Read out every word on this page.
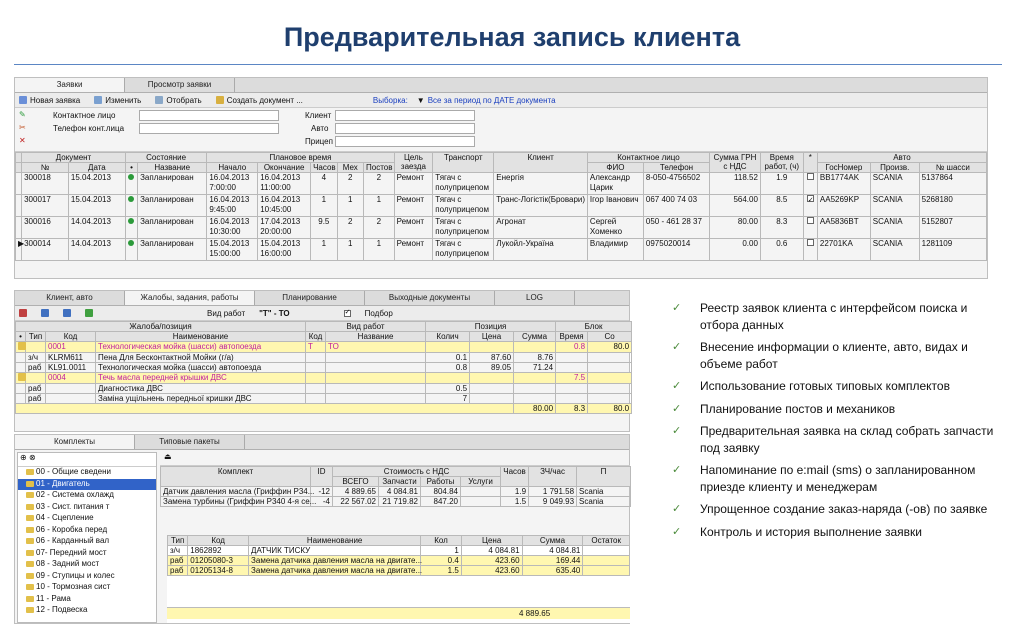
Предварительная запись клиента
Заявки	Просмотр заявки
Новая заявка	Изменить	Отобрать	Создать документ ...	Выборка: ▼ Все за период по ДАТЕ документа
✎
✂
✕
Контактное лицо
Телефон конт.лица
Клиент
Авто
Прицеп
	Документ		Состояние		Плановое время					Цель заезда	Транспорт	Клиент	Контактное лицо		Сумма ГРН с НДС	Время работ, (ч)	*	Авто		
	№	Дата	•	Название	Начало	Окончание	Часов	Мех	Постов				ФИО	Телефон				ГосНомер	Произв.	№ шасси
	300018	15.04.2013		Запланирован	16.04.2013 7:00:00	16.04.2013 11:00:00	4	2	2	Ремонт	Тягач с полуприцепом	Енергія	Александр Царик	8-050-4756502	118.52	1.9		BB1774AK	SCANIA	5137864
	300017	15.04.2013		Запланирован	16.04.2013 9:45:00	16.04.2013 10:45:00	1	1	1	Ремонт	Тягач с полуприцепом	Транс-Логістік(Бровари)	Ігор Іванович	067 400 74 03	564.00	8.5	✓	AA5269KP	SCANIA	5268180
	300016	14.04.2013		Запланирован	16.04.2013 10:30:00	17.04.2013 20:00:00	9.5	2	2	Ремонт	Тягач с полуприцепом	Агронат	Сергей Хоменко	050 - 461 28 37	80.00	8.3		AA5836BT	SCANIA	5152807
▶	300014	14.04.2013		Запланирован	15.04.2013 15:00:00	15.04.2013 16:00:00	1	1	1	Ремонт	Тягач с полуприцепом	Лукойл-Україна	Владимир	0975020014	0.00	0.6		22701KA	SCANIA	1281109
Клиент, авто	Жалобы, задания, работы	Планирование	Выходные документы	LOG
Вид работ "Т" - ТО	✓ Подбор
Жалоба/позиция				Вид работ		Позиция			Блок	
•	Тип	Код	Наименование	Код	Название	Колич	Цена	Сумма	Время	Со
		0001	Технологическая мойка (шасси) автопоезда	Т	ТО				0.8	80.0
	з/ч	KLRM611	Пена Для Бесконтактной Мойки (г/а)			0.1	87.60	8.76		
	раб	KL91.0011	Технологическая мойка (шасси) автопоезда			0.8	89.05	71.24		
		0004	Течь масла передней крышки ДВС						7.5	
	раб		Диагностика ДВС			0.5				
	раб		Заміна ущільнень передньої кришки ДВС			7				
								80.00	8.3	80.0
Комплекты	Типовые пакеты
⊕ ⊗
00 - Общие сведени
01 - Двигатель
02 - Система охлажд
03 - Сист. питания т
04 - Сцепление
06 - Коробка перед
06 - Карданный вал
07- Передний мост
08 - Задний мост
09 - Ступицы и колес
10 - Тормозная сист
11 - Рама
12 - Подвеска
⏏
Комплект	ID	Стоимость с НДС				Часов	ЗЧ/час	П
		ВСЕГО	Запчасти	Работы	Услуги			
Датчик давления масла (Гриффин Р34...	-12	4 889.65	4 084.81	804.84		1.9	1 791.58	Scania
Замена турбины (Гриффин Р340 4-я се...	-4	22 567.02	21 719.82	847.20		1.5	9 049.93	Scania
Тип	Код	Наименование	Кол	Цена	Сумма	Остаток
з/ч	1862892	ДАТЧИК ТИСКУ	1	4 084.81	4 084.81	
раб	01205080-3	Замена датчика давления масла на двигате...	0.4	423.60	169.44	
раб	01205134-8	Замена датчика давления масла на двигате...	1.5	423.60	635.40	
4 889.65
✓ Реестр заявок клиента с интерфейсом поиска и отбора данных
✓ Внесение информации о клиенте, авто, видах и объеме работ
✓ Использование готовых типовых комплектов
✓ Планирование постов и механиков
✓ Предварительная заявка на склад собрать запчасти под заявку
✓ Напоминание по e:mail (sms) о запланированном приезде клиенту и менеджерам
✓ Упрощенное создание заказ-наряда (-ов) по заявке
✓ Контроль и история выполнение заявки
